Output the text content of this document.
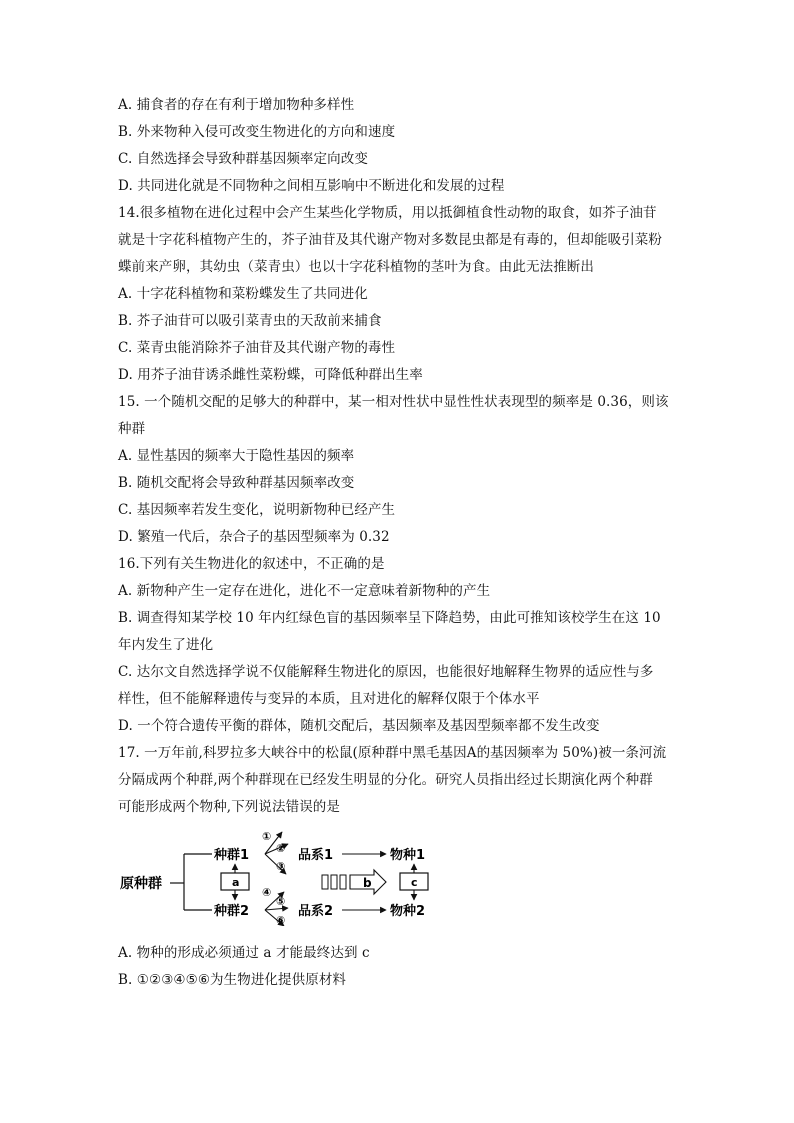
A. 捕食者的存在有利于增加物种多样性
B. 外来物种入侵可改变生物进化的方向和速度
C. 自然选择会导致种群基因频率定向改变
D. 共同进化就是不同物种之间相互影响中不断进化和发展的过程
14.很多植物在进化过程中会产生某些化学物质，用以抵御植食性动物的取食，如芥子油苷
就是十字花科植物产生的，芥子油苷及其代谢产物对多数昆虫都是有毒的，但却能吸引菜粉
蝶前来产卵，其幼虫（菜青虫）也以十字花科植物的茎叶为食。由此无法推断出
A. 十字花科植物和菜粉蝶发生了共同进化
B. 芥子油苷可以吸引菜青虫的天敌前来捕食
C. 菜青虫能消除芥子油苷及其代谢产物的毒性
D. 用芥子油苷诱杀雌性菜粉蝶，可降低种群出生率
15. 一个随机交配的足够大的种群中，某一相对性状中显性性状表现型的频率是 0.36，则该
种群
A. 显性基因的频率大于隐性基因的频率
B. 随机交配将会导致种群基因频率改变
C. 基因频率若发生变化，说明新物种已经产生
D. 繁殖一代后，杂合子的基因型频率为 0.32
16.下列有关生物进化的叙述中，不正确的是
A. 新物种产生一定存在进化，进化不一定意味着新物种的产生
B. 调查得知某学校 10 年内红绿色盲的基因频率呈下降趋势，由此可推知该校学生在这 10
年内发生了进化
C. 达尔文自然选择学说不仅能解释生物进化的原因，也能很好地解释生物界的适应性与多
样性，但不能解释遗传与变异的本质，且对进化的解释仅限于个体水平
D. 一个符合遗传平衡的群体，随机交配后，基因频率及基因型频率都不发生改变
17. 一万年前,科罗拉多大峡谷中的松鼠(原种群中黑毛基因A的基因频率为 50%)被一条河流
分隔成两个种群,两个种群现在已经发生明显的分化。研究人员指出经过长期演化两个种群
可能形成两个物种,下列说法错误的是
原种群
种群1
种群2
a
①
②
③
④
⑤
⑥
品系1
品系2
b
物种1
物种2
c
A. 物种的形成必须通过 a 才能最终达到 c
B. ①②③④⑤⑥为生物进化提供原材料
